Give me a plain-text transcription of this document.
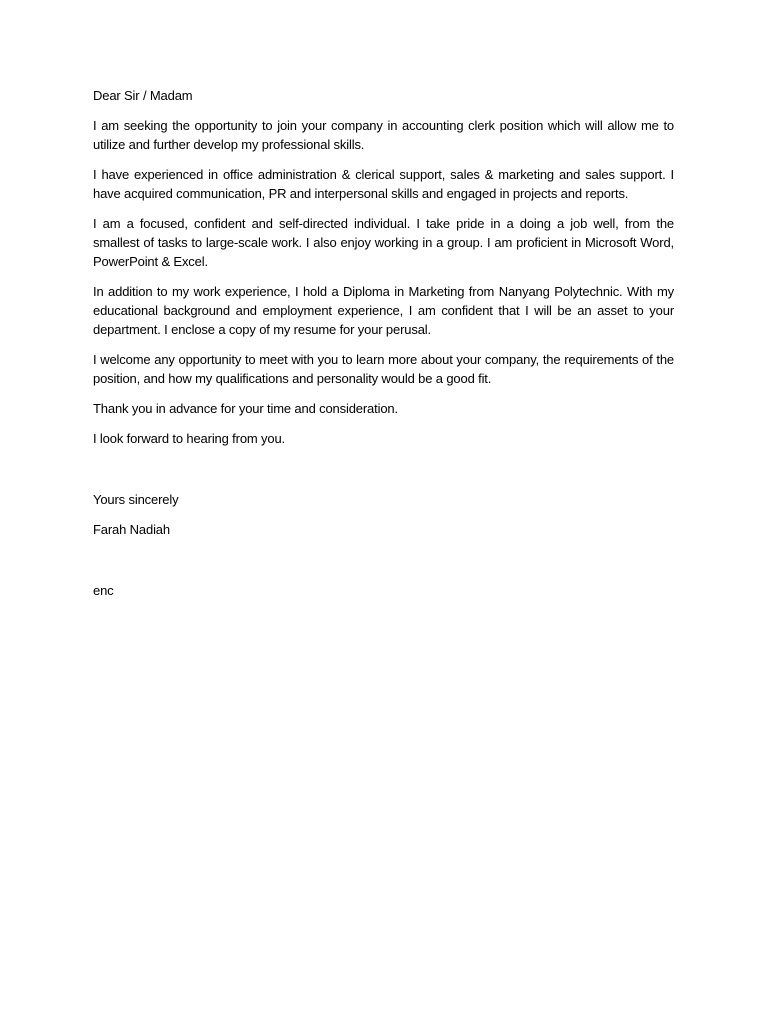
Dear Sir / Madam

I am seeking the opportunity to join your company in accounting clerk position which will allow me to utilize and further develop my professional skills.

I have experienced in office administration & clerical support, sales & marketing and sales support. I have acquired communication, PR and interpersonal skills and engaged in projects and reports.

I am a focused, confident and self-directed individual. I take pride in a doing a job well, from the smallest of tasks to large-scale work. I also enjoy working in a group. I am proficient in Microsoft Word, PowerPoint & Excel.

In addition to my work experience, I hold a Diploma in Marketing from Nanyang Polytechnic. With my educational background and employment experience, I am confident that I will be an asset to your department. I enclose a copy of my resume for your perusal.

I welcome any opportunity to meet with you to learn more about your company, the requirements of the position, and how my qualifications and personality would be a good fit.

Thank you in advance for your time and consideration.

I look forward to hearing from you.

Yours sincerely

Farah Nadiah

enc
